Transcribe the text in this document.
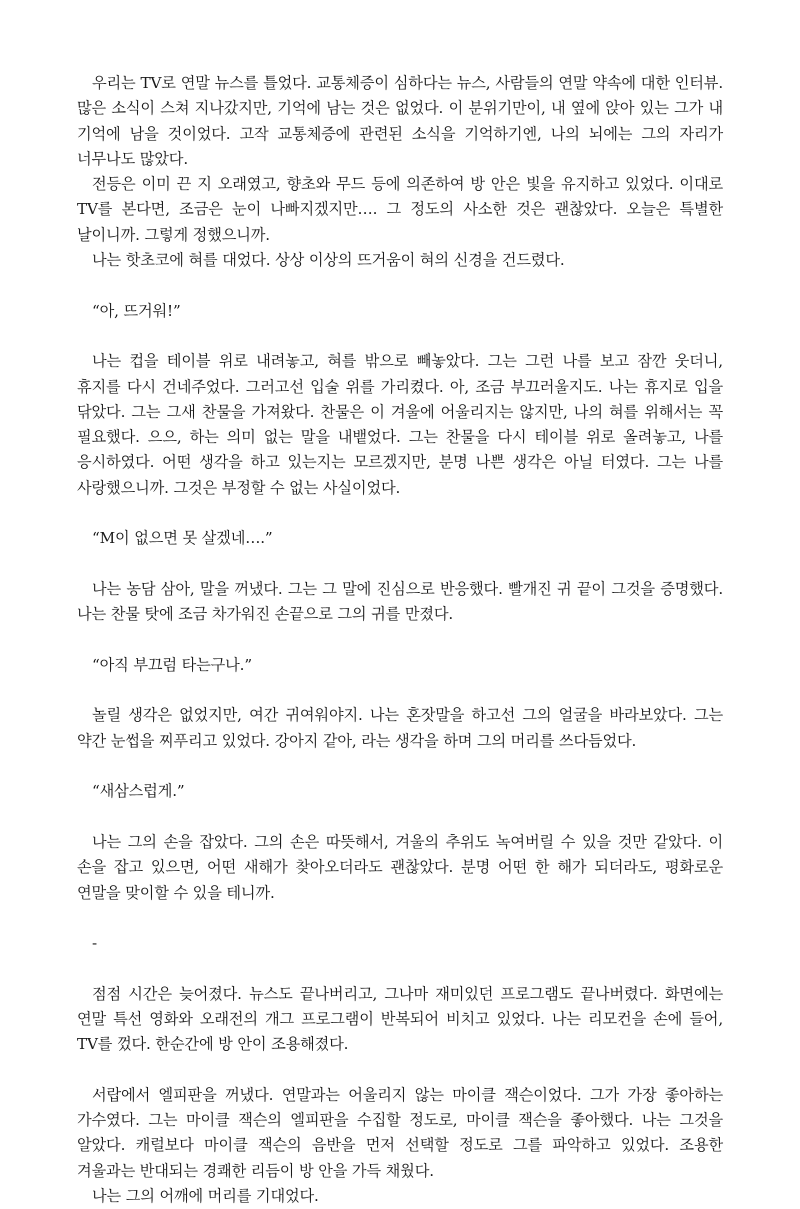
우리는 TV로 연말 뉴스를 틀었다. 교통체증이 심하다는 뉴스, 사람들의 연말 약속에 대한 인터뷰. 많은 소식이 스쳐 지나갔지만, 기억에 남는 것은 없었다. 이 분위기만이, 내 옆에 앉아 있는 그가 내 기억에 남을 것이었다. 고작 교통체증에 관련된 소식을 기억하기엔, 나의 뇌에는 그의 자리가 너무나도 많았다.

전등은 이미 끈 지 오래였고, 향초와 무드 등에 의존하여 방 안은 빛을 유지하고 있었다. 이대로 TV를 본다면, 조금은 눈이 나빠지겠지만…. 그 정도의 사소한 것은 괜찮았다. 오늘은 특별한 날이니까. 그렇게 정했으니까.

나는 핫초코에 혀를 대었다. 상상 이상의 뜨거움이 혀의 신경을 건드렸다.

“아, 뜨거워!”

나는 컵을 테이블 위로 내려놓고, 혀를 밖으로 빼놓았다. 그는 그런 나를 보고 잠깐 웃더니, 휴지를 다시 건네주었다. 그러고선 입술 위를 가리켰다. 아, 조금 부끄러울지도. 나는 휴지로 입을 닦았다. 그는 그새 찬물을 가져왔다. 찬물은 이 겨울에 어울리지는 않지만, 나의 혀를 위해서는 꼭 필요했다. 으으, 하는 의미 없는 말을 내뱉었다. 그는 찬물을 다시 테이블 위로 올려놓고, 나를 응시하였다. 어떤 생각을 하고 있는지는 모르겠지만, 분명 나쁜 생각은 아닐 터였다. 그는 나를 사랑했으니까. 그것은 부정할 수 없는 사실이었다.

“M이 없으면 못 살겠네….”

나는 농담 삼아, 말을 꺼냈다. 그는 그 말에 진심으로 반응했다. 빨개진 귀 끝이 그것을 증명했다. 나는 찬물 탓에 조금 차가워진 손끝으로 그의 귀를 만졌다.

“아직 부끄럼 타는구나.”

놀릴 생각은 없었지만, 여간 귀여워야지. 나는 혼잣말을 하고선 그의 얼굴을 바라보았다. 그는 약간 눈썹을 찌푸리고 있었다. 강아지 같아, 라는 생각을 하며 그의 머리를 쓰다듬었다.

“새삼스럽게.”

나는 그의 손을 잡았다. 그의 손은 따뜻해서, 겨울의 추위도 녹여버릴 수 있을 것만 같았다. 이 손을 잡고 있으면, 어떤 새해가 찾아오더라도 괜찮았다. 분명 어떤 한 해가 되더라도, 평화로운 연말을 맞이할 수 있을 테니까.

-

점점 시간은 늦어졌다. 뉴스도 끝나버리고, 그나마 재미있던 프로그램도 끝나버렸다. 화면에는 연말 특선 영화와 오래전의 개그 프로그램이 반복되어 비치고 있었다. 나는 리모컨을 손에 들어, TV를 껐다. 한순간에 방 안이 조용해졌다.

서랍에서 엘피판을 꺼냈다. 연말과는 어울리지 않는 마이클 잭슨이었다. 그가 가장 좋아하는 가수였다. 그는 마이클 잭슨의 엘피판을 수집할 정도로, 마이클 잭슨을 좋아했다. 나는 그것을 알았다. 캐럴보다 마이클 잭슨의 음반을 먼저 선택할 정도로 그를 파악하고 있었다. 조용한 겨울과는 반대되는 경쾌한 리듬이 방 안을 가득 채웠다.

나는 그의 어깨에 머리를 기대었다.
